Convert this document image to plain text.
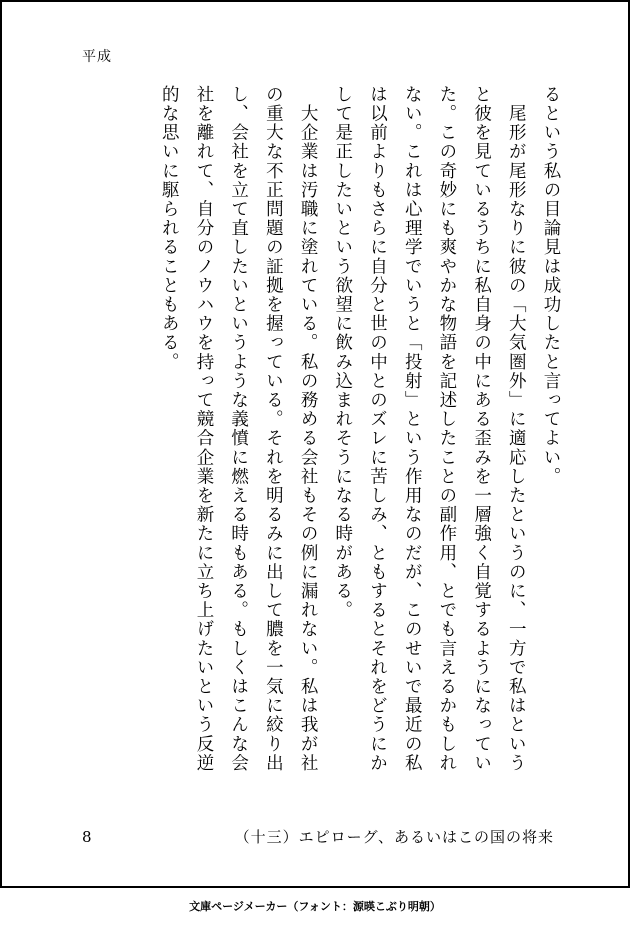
平成

るという私の目論見は成功したと言ってよい。

　尾形が尾形なりに彼の「大気圏外」に適応したというのに、一方で私はという
と彼を見ているうちに私自身の中にある歪みを一層強く自覚するようになってい
た。この奇妙にも爽やかな物語を記述したことの副作用、とでも言えるかもしれ
ない。これは心理学でいうと「投射」という作用なのだが、このせいで最近の私
は以前よりもさらに自分と世の中とのズレに苦しみ、ともするとそれをどうにか
して是正したいという欲望に飲み込まれそうになる時がある。

　大企業は汚職に塗れている。私の務める会社もその例に漏れない。私は我が社
の重大な不正問題の証拠を握っている。それを明るみに出して膿を一気に絞り出
し、会社を立て直したいというような義憤に燃える時もある。もしくはこんな会
社を離れて、自分のノウハウを持って競合企業を新たに立ち上げたいという反逆
的な思いに駆られることもある。

8	（十三）エピローグ、あるいはこの国の将来
文庫ページメーカー（フォント：源暎こぶり明朝）
